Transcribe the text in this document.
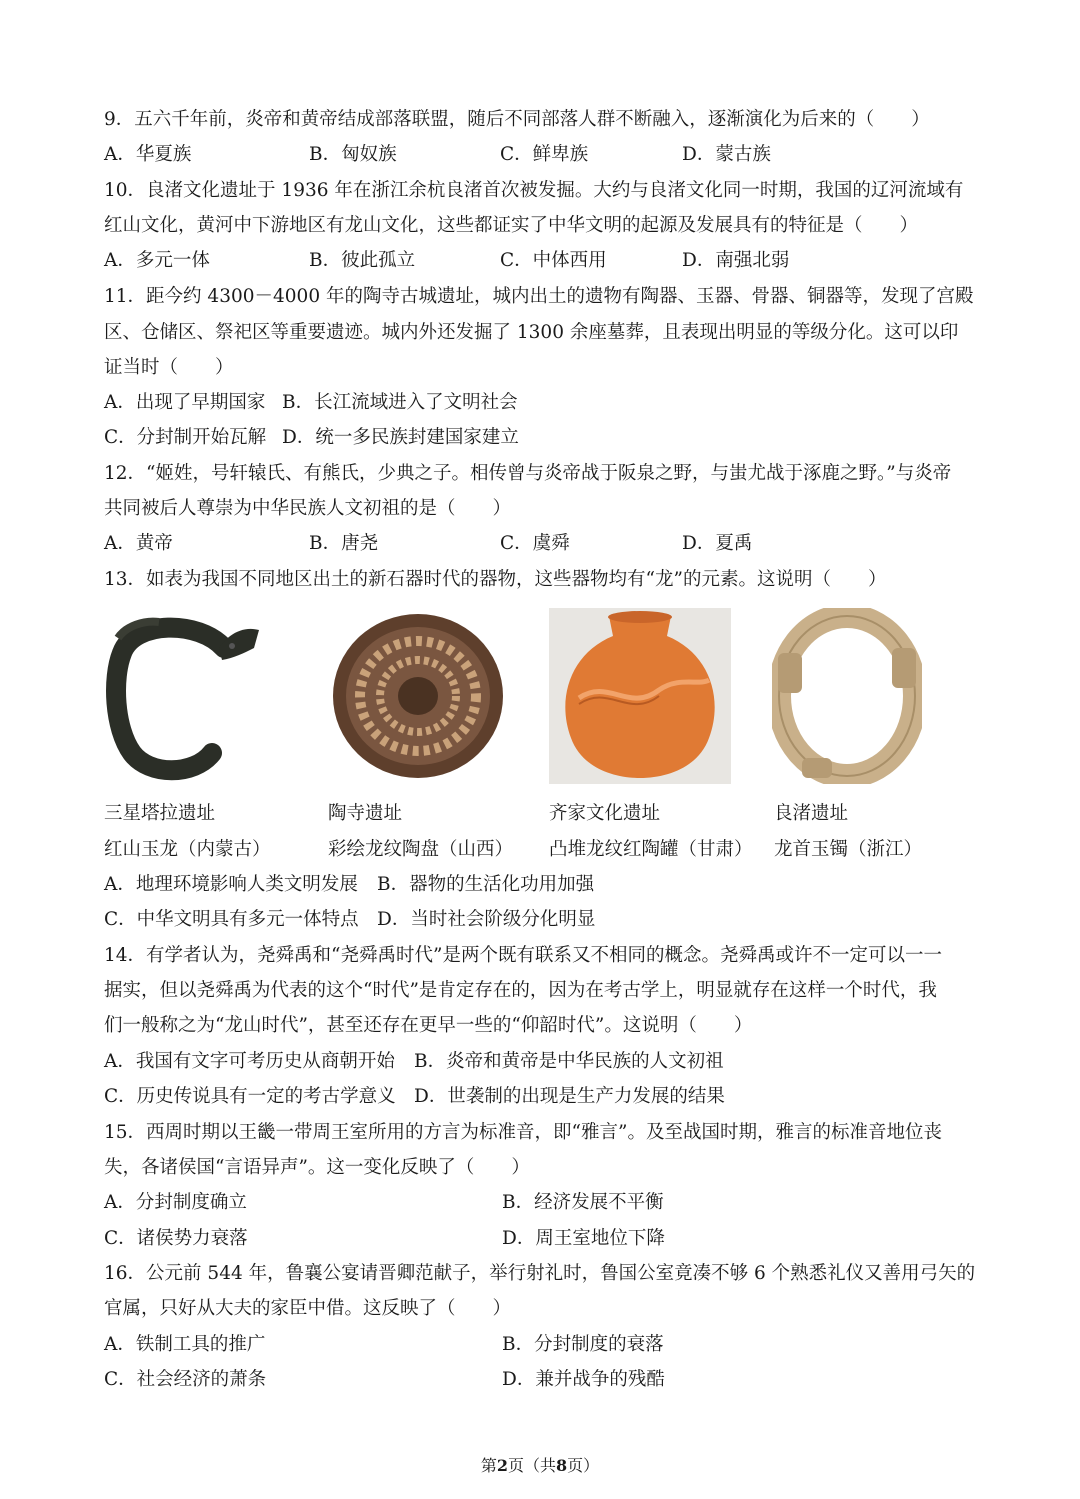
9．五六千年前，炎帝和黄帝结成部落联盟，随后不同部落人群不断融入，逐渐演化为后来的（　　）
A．华夏族	B．匈奴族	C．鲜卑族	D．蒙古族
10．良渚文化遗址于 1936 年在浙江余杭良渚首次被发掘。大约与良渚文化同一时期，我国的辽河流域有
红山文化，黄河中下游地区有龙山文化，这些都证实了中华文明的起源及发展具有的特征是（　　）
A．多元一体	B．彼此孤立	C．中体西用	D．南强北弱
11．距今约 4300－4000 年的陶寺古城遗址，城内出土的遗物有陶器、玉器、骨器、铜器等，发现了宫殿
区、仓储区、祭祀区等重要遗迹。城内外还发掘了 1300 余座墓葬，且表现出明显的等级分化。这可以印
证当时（　　）
A．出现了早期国家 B．长江流域进入了文明社会
C．分封制开始瓦解 D．统一多民族封建国家建立
12．“姬姓，号轩辕氏、有熊氏，少典之子。相传曾与炎帝战于阪泉之野，与蚩尤战于涿鹿之野。”与炎帝
共同被后人尊崇为中华民族人文初祖的是（　　）
A．黄帝	B．唐尧	C．虞舜	D．夏禹
13．如表为我国不同地区出土的新石器时代的器物，这些器物均有“龙”的元素。这说明（　　）
三星塔拉遗址	陶寺遗址	齐家文化遗址	良渚遗址
红山玉龙（内蒙古）	彩绘龙纹陶盘（山西） 凸堆龙纹红陶罐（甘肃） 龙首玉镯（浙江）
A．地理环境影响人类文明发展 B．器物的生活化功用加强
C．中华文明具有多元一体特点 D．当时社会阶级分化明显
14．有学者认为，尧舜禹和“尧舜禹时代”是两个既有联系又不相同的概念。尧舜禹或许不一定可以一一
据实，但以尧舜禹为代表的这个“时代”是肯定存在的，因为在考古学上，明显就存在这样一个时代，我
们一般称之为“龙山时代”，甚至还存在更早一些的“仰韶时代”。这说明（　　）
A．我国有文字可考历史从商朝开始 B．炎帝和黄帝是中华民族的人文初祖
C．历史传说具有一定的考古学意义 D．世袭制的出现是生产力发展的结果
15．西周时期以王畿一带周王室所用的方言为标准音，即“雅言”。及至战国时期，雅言的标准音地位丧
失，各诸侯国“言语异声”。这一变化反映了（　　）
A．分封制度确立	B．经济发展不平衡
C．诸侯势力衰落	D．周王室地位下降
16．公元前 544 年，鲁襄公宴请晋卿范献子，举行射礼时，鲁国公室竟凑不够 6 个熟悉礼仪又善用弓矢的
官属，只好从大夫的家臣中借。这反映了（　　）
A．铁制工具的推广	B．分封制度的衰落
C．社会经济的萧条	D．兼并战争的残酷
第2页（共8页）
